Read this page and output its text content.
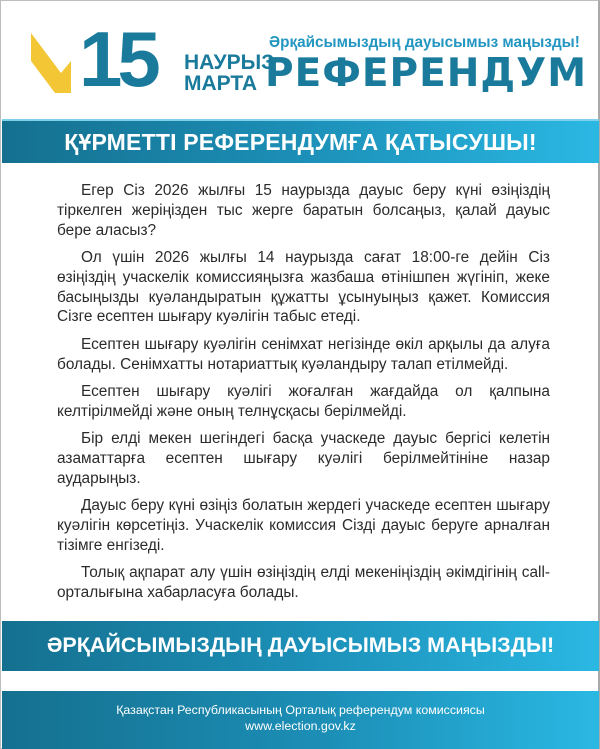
15 НАУРЫЗ
МАРТА
Әрқайсымыздың дауысымыз маңызды!
РЕФЕРЕНДУМ
ҚҰРМЕТТІ РЕФЕРЕНДУМҒА ҚАТЫСУШЫ!

Егер Сіз 2026 жылғы 15 наурызда дауыс беру күні өзіңіздің тіркелген жеріңізден тыс жерге баратын болсаңыз, қалай дауыс бере аласыз?

Ол үшін 2026 жылғы 14 наурызда сағат 18:00-ге дейін Сіз өзіңіздің учаскелік комиссияңызға жазбаша өтінішпен жүгініп, жеке басыңызды куәландыратын құжатты ұсынуыңыз қажет. Комиссия Сізге есептен шығару куәлігін табыс етеді.

Есептен шығару куәлігін сенімхат негізінде өкіл арқылы да алуға болады. Сенімхатты нотариаттық куәландыру талап етілмейді.

Есептен шығару куәлігі жоғалған жағдайда ол қалпына келтірілмейді және оның телнұсқасы берілмейді.

Бір елді мекен шегіндегі басқа учаскеде дауыс бергісі келетін азаматтарға есептен шығару куәлігі берілмейтініне назар аударыңыз.

Дауыс беру күні өзіңіз болатын жердегі учаскеде есептен шығару куәлігін көрсетіңіз. Учаскелік комиссия Сізді дауыс беруге арналған тізімге енгізеді.

Толық ақпарат алу үшін өзіңіздің елді мекеніңіздің әкімдігінің call-орталығына хабарласуға болады.

ӘРҚАЙСЫМЫЗДЫҢ ДАУЫСЫМЫЗ МАҢЫЗДЫ!
Қазақстан Республикасының Орталық референдум комиссиясы
www.election.gov.kz
